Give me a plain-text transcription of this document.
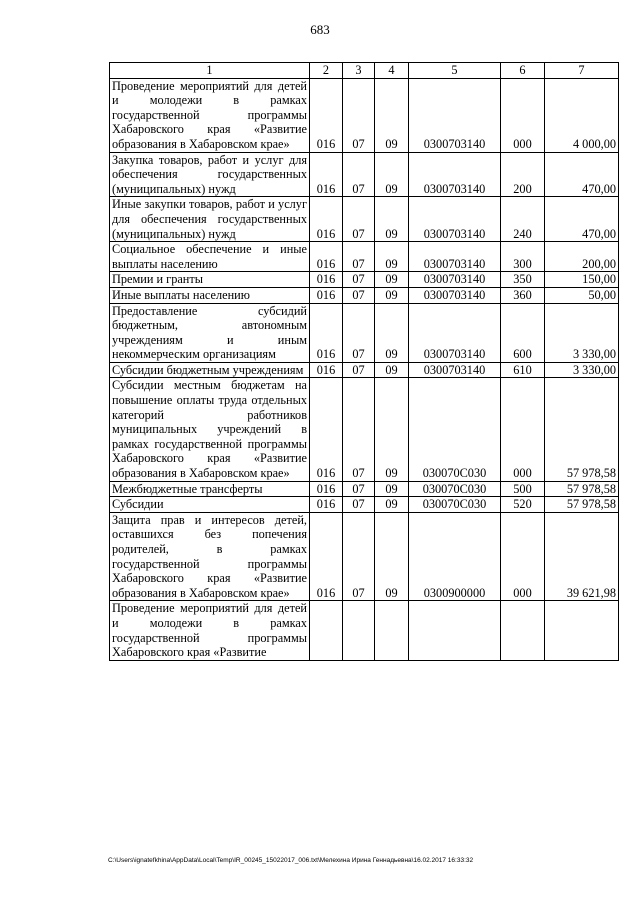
683
1	2	3	4	5	6	7
Проведение мероприятий для детей и молодежи в рамках государственной программы Хабаровского края «Развитие образования в Хабаровском крае»	016	07	09	0300703140	000	4 000,00
Закупка товаров, работ и услуг для обеспечения государственных (муниципальных) нужд	016	07	09	0300703140	200	470,00
Иные закупки товаров, работ и услуг для обеспечения государственных (муниципальных) нужд	016	07	09	0300703140	240	470,00
Социальное обеспечение и иные выплаты населению	016	07	09	0300703140	300	200,00
Премии и гранты	016	07	09	0300703140	350	150,00
Иные выплаты населению	016	07	09	0300703140	360	50,00
Предоставление субсидий бюджетным, автономным учреждениям и иным некоммерческим организациям	016	07	09	0300703140	600	3 330,00
Субсидии бюджетным учреждениям	016	07	09	0300703140	610	3 330,00
Субсидии местным бюджетам на повышение оплаты труда отдельных категорий работников муниципальных учреждений в рамках государственной программы Хабаровского края «Развитие образования в Хабаровском крае»	016	07	09	030070С030	000	57 978,58
Межбюджетные трансферты	016	07	09	030070С030	500	57 978,58
Субсидии	016	07	09	030070С030	520	57 978,58
Защита прав и интересов детей, оставшихся без попечения родителей, в рамках государственной программы Хабаровского края «Развитие образования в Хабаровском крае»	016	07	09	0300900000	000	39 621,98
Проведение мероприятий для детей и молодежи в рамках государственной программы Хабаровского края «Развитие						
C:\Users\ignatefkhina\AppData\Local\Temp\IR_00245_15022017_006.txt\Мелехина Ирина Геннадьевна\16.02.2017 16:33:32
